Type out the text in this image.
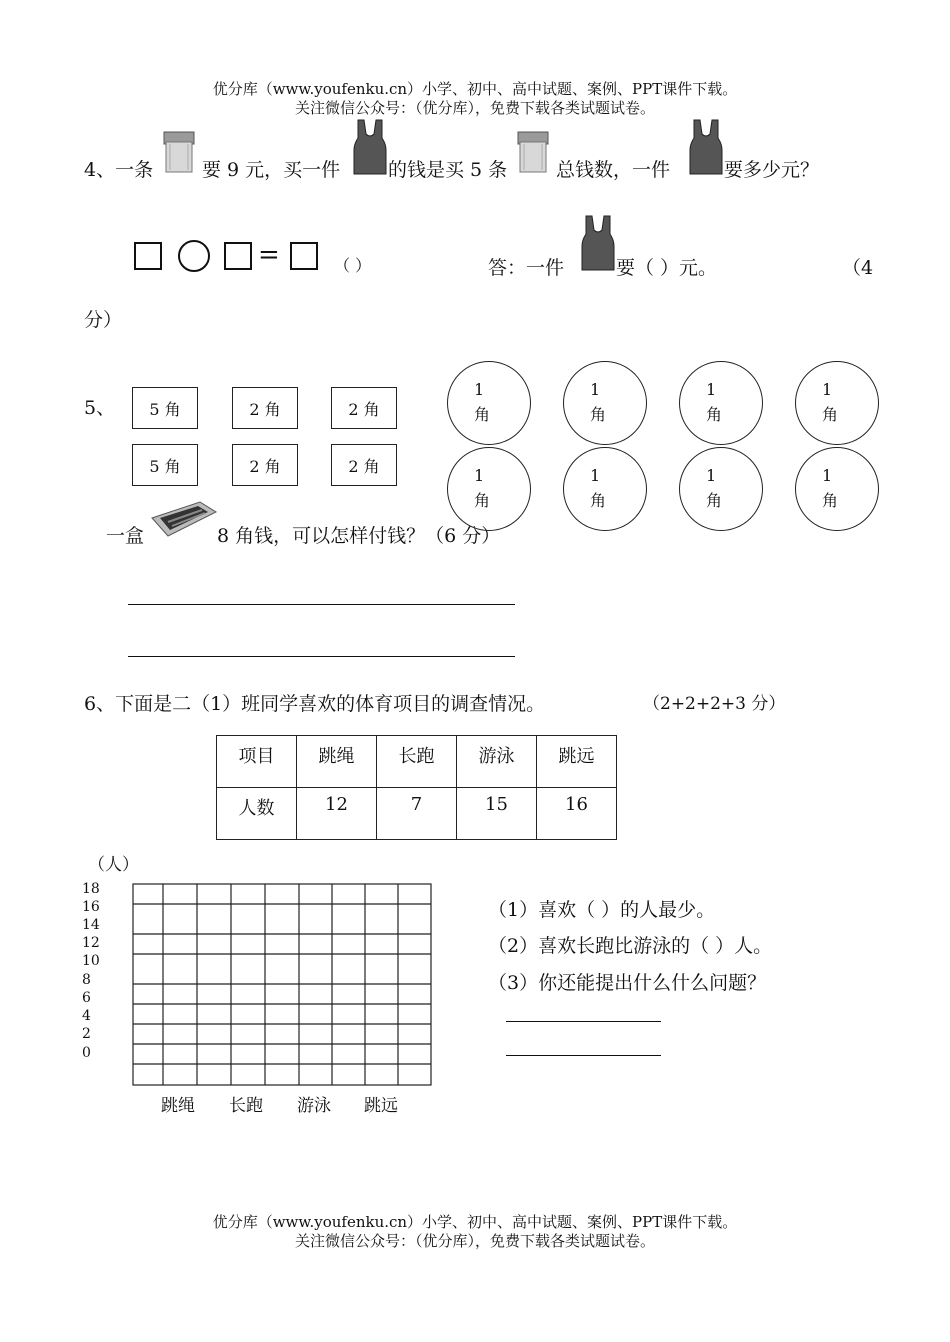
优分库（www.youfenku.cn）小学、初中、高中试题、案例、PPT课件下载。
关注微信公众号：（优分库），免费下载各类试题试卷。
4、一条	要 9 元，买一件	的钱是买 5 条	总钱数，一件	要多少元？
=	（ ）	答：一件	要（ ）元。	（4
分）
5、	5 角	2 角	2 角
5 角	2 角	2 角
1
角
1
角
1
角
1
角
1
角
1
角
1
角
1
角
一盒	8 角钱，可以怎样付钱？（6 分）
6、下面是二（1）班同学喜欢的体育项目的调查情况。	（2+2+2+3 分）
项目	跳绳	长跑	游泳	跳远
人数	12	7	15	16
（人）
18
16
14
12
10
8
6
4
2
0
跳绳 长跑 游泳 跳远
（1）喜欢（ ）的人最少。
（2）喜欢长跑比游泳的（ ）人。
（3）你还能提出什么什么问题？
优分库（www.youfenku.cn）小学、初中、高中试题、案例、PPT课件下载。
关注微信公众号：（优分库），免费下载各类试题试卷。
